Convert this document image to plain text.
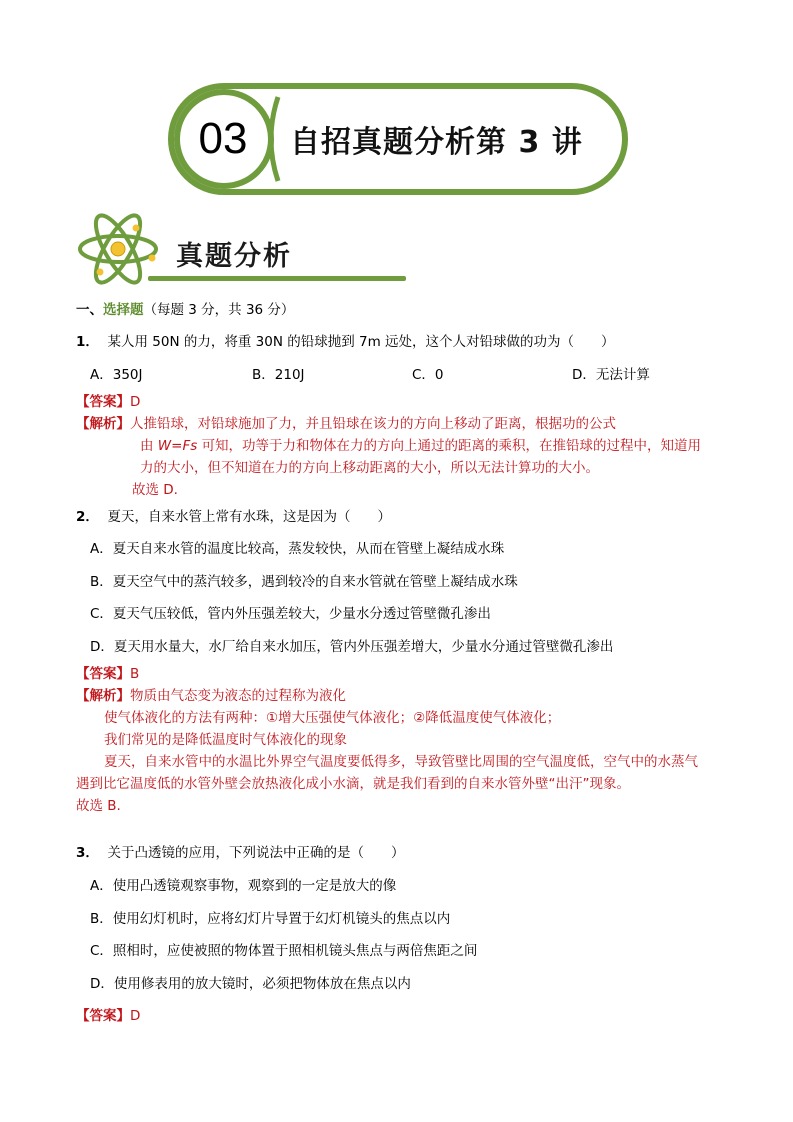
03	自招真题分析第 3 讲
真题分析
一、选择题（每题 3 分，共 36 分）
1． 某人用 50N 的力，将重 30N 的铅球抛到 7m 远处，这个人对铅球做的功为（　　）
A．350J	B．210J	C．0	D．无法计算
【答案】D
【解析】人推铅球，对铅球施加了力，并且铅球在该力的方向上移动了距离，根据功的公式
由 W=Fs 可知，功等于力和物体在力的方向上通过的距离的乘积，在推铅球的过程中，知道用
力的大小，但不知道在力的方向上移动距离的大小，所以无法计算功的大小。
故选 D.
2． 夏天，自来水管上常有水珠，这是因为（　　）
A．夏天自来水管的温度比较高，蒸发较快，从而在管壁上凝结成水珠
B．夏天空气中的蒸汽较多，遇到较冷的自来水管就在管壁上凝结成水珠
C．夏天气压较低，管内外压强差较大，少量水分透过管壁微孔渗出
D．夏天用水量大，水厂给自来水加压，管内外压强差增大，少量水分通过管壁微孔渗出
【答案】B
【解析】物质由气态变为液态的过程称为液化
使气体液化的方法有两种：①增大压强使气体液化；②降低温度使气体液化；
我们常见的是降低温度时气体液化的现象
夏天，自来水管中的水温比外界空气温度要低得多，导致管壁比周围的空气温度低，空气中的水蒸气
遇到比它温度低的水管外壁会放热液化成小水滴，就是我们看到的自来水管外壁“出汗”现象。
故选 B.
3． 关于凸透镜的应用，下列说法中正确的是（　　）
A．使用凸透镜观察事物，观察到的一定是放大的像
B．使用幻灯机时，应将幻灯片导置于幻灯机镜头的焦点以内
C．照相时，应使被照的物体置于照相机镜头焦点与两倍焦距之间
D．使用修表用的放大镜时，必须把物体放在焦点以内
【答案】D
